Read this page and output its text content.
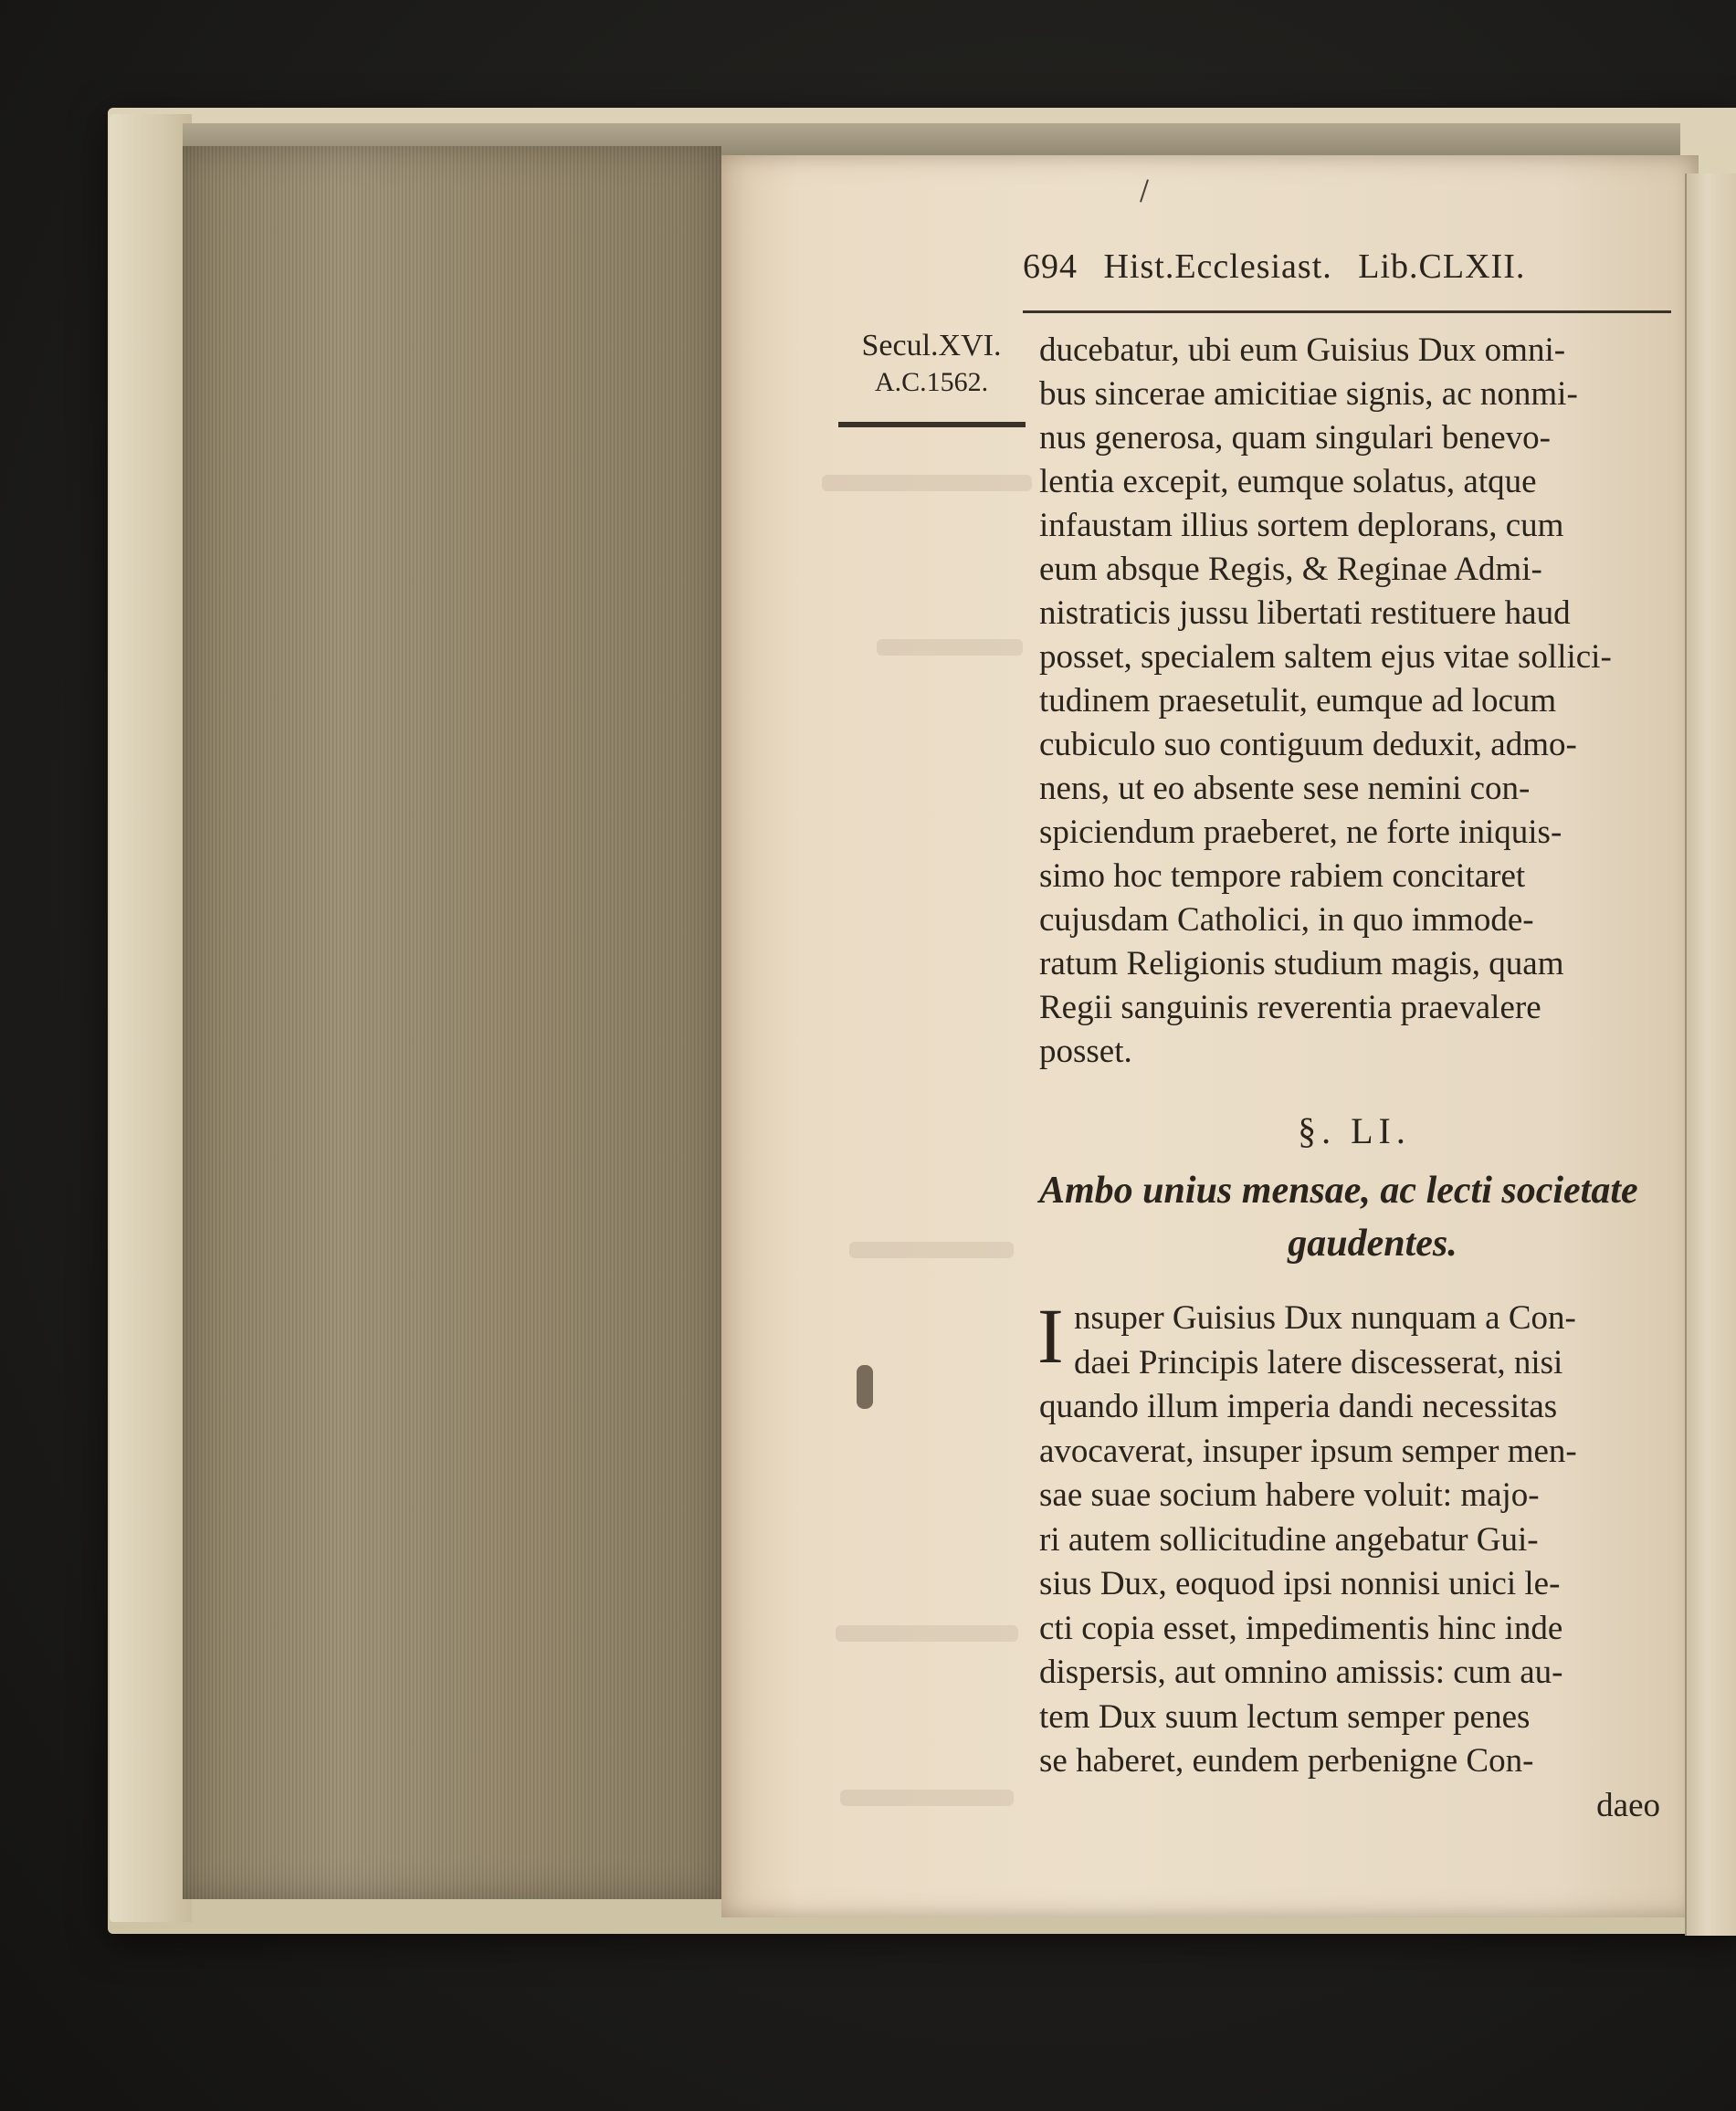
694 Hist.Ecclesiast. Lib.CLXII.
Secul.XVI.
A.C.1562.
ducebatur, ubi eum Guisius Dux omni-
bus sincerae amicitiae signis, ac nonmi-
nus generosa, quam singulari benevo-
lentia excepit, eumque solatus, atque
infaustam illius sortem deplorans, cum
eum absque Regis, & Reginae Admi-
nistraticis jussu libertati restituere haud
posset, specialem saltem ejus vitae sollici-
tudinem praesetulit, eumque ad locum
cubiculo suo contiguum deduxit, admo-
nens, ut eo absente sese nemini con-
spiciendum praeberet, ne forte iniquis-
simo hoc tempore rabiem concitaret
cujusdam Catholici, in quo immode-
ratum Religionis studium magis, quam
Regii sanguinis reverentia praevalere
posset.
§. LI.
Ambo unius mensae, ac lecti societate
gaudentes.
I nsuper Guisius Dux nunquam a Con-
daei Principis latere discesserat, nisi
quando illum imperia dandi necessitas
avocaverat, insuper ipsum semper men-
sae suae socium habere voluit: majo-
ri autem sollicitudine angebatur Gui-
sius Dux, eoquod ipsi nonnisi unici le-
cti copia esset, impedimentis hinc inde
dispersis, aut omnino amissis: cum au-
tem Dux suum lectum semper penes
se haberet, eundem perbenigne Con-
daeo
